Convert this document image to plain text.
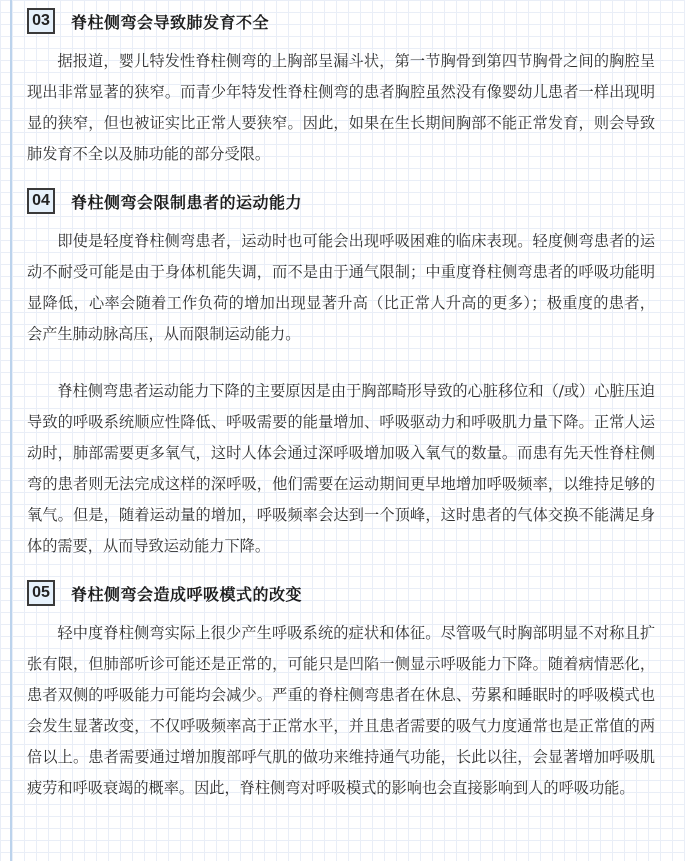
03	脊柱侧弯会导致肺发育不全

据报道，婴儿特发性脊柱侧弯的上胸部呈漏斗状，第一节胸骨到第四节胸骨之间的胸腔呈现出非常显著的狭窄。而青少年特发性脊柱侧弯的患者胸腔虽然没有像婴幼儿患者一样出现明显的狭窄，但也被证实比正常人要狭窄。因此，如果在生长期间胸部不能正常发育，则会导致肺发育不全以及肺功能的部分受限。

04	脊柱侧弯会限制患者的运动能力

即使是轻度脊柱侧弯患者，运动时也可能会出现呼吸困难的临床表现。轻度侧弯患者的运动不耐受可能是由于身体机能失调，而不是由于通气限制；中重度脊柱侧弯患者的呼吸功能明显降低，心率会随着工作负荷的增加出现显著升高（比正常人升高的更多）；极重度的患者，会产生肺动脉高压，从而限制运动能力。

脊柱侧弯患者运动能力下降的主要原因是由于胸部畸形导致的心脏移位和（/或）心脏压迫导致的呼吸系统顺应性降低、呼吸需要的能量增加、呼吸驱动力和呼吸肌力量下降。正常人运动时，肺部需要更多氧气，这时人体会通过深呼吸增加吸入氧气的数量。而患有先天性脊柱侧弯的患者则无法完成这样的深呼吸，他们需要在运动期间更早地增加呼吸频率，以维持足够的氧气。但是，随着运动量的增加，呼吸频率会达到一个顶峰，这时患者的气体交换不能满足身体的需要，从而导致运动能力下降。

05	脊柱侧弯会造成呼吸模式的改变

轻中度脊柱侧弯实际上很少产生呼吸系统的症状和体征。尽管吸气时胸部明显不对称且扩张有限，但肺部听诊可能还是正常的，可能只是凹陷一侧显示呼吸能力下降。随着病情恶化，患者双侧的呼吸能力可能均会减少。严重的脊柱侧弯患者在休息、劳累和睡眠时的呼吸模式也会发生显著改变，不仅呼吸频率高于正常水平，并且患者需要的吸气力度通常也是正常值的两倍以上。患者需要通过增加腹部呼气肌的做功来维持通气功能，长此以往，会显著增加呼吸肌疲劳和呼吸衰竭的概率。因此，脊柱侧弯对呼吸模式的影响也会直接影响到人的呼吸功能。
